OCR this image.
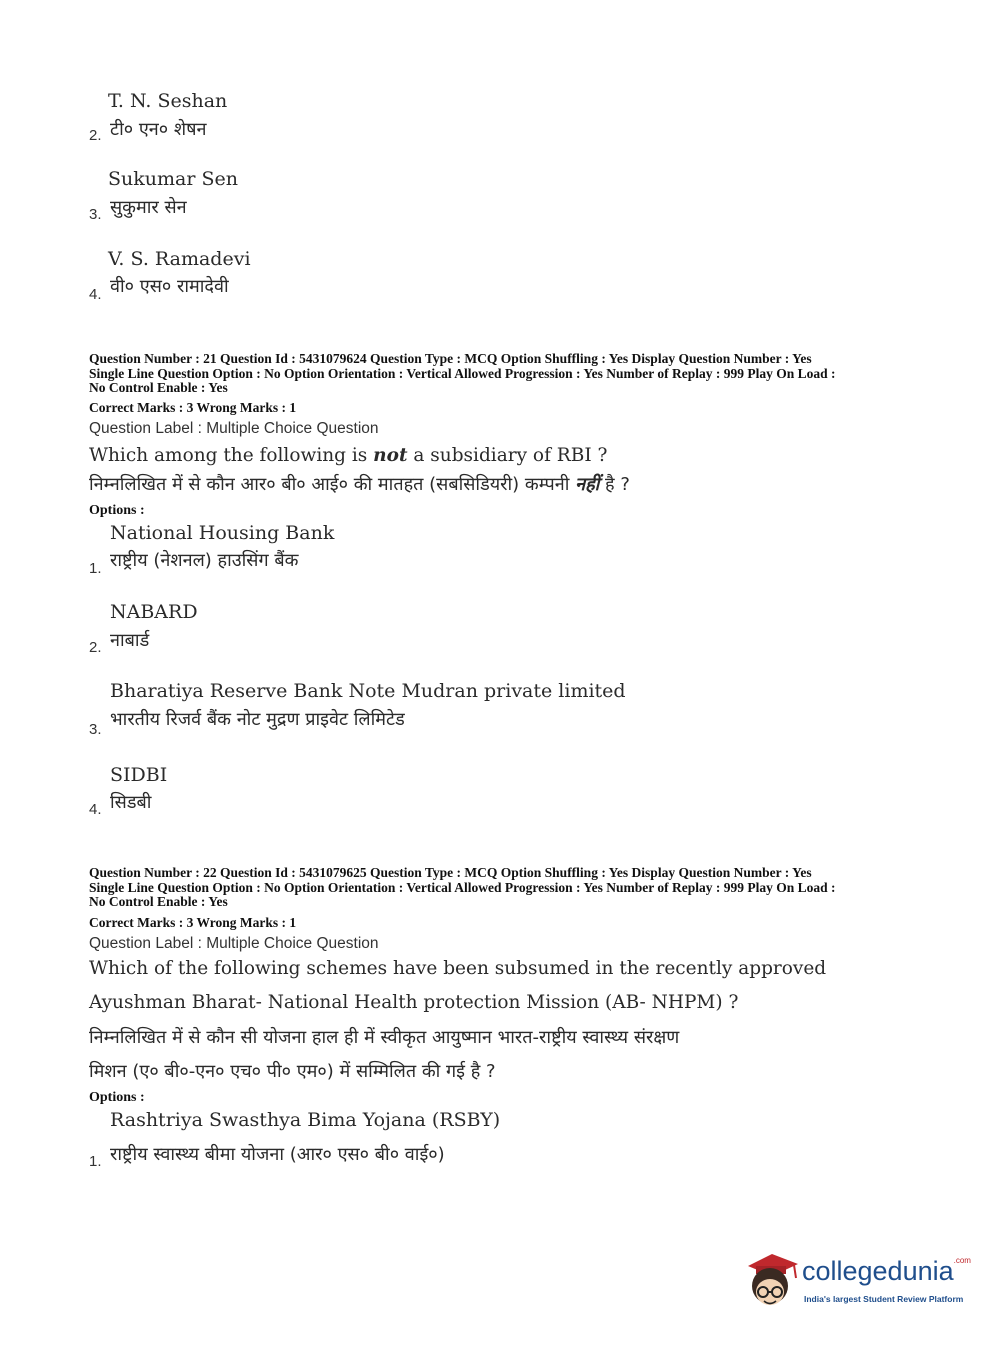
T. N. Seshan
2. टी० एन० शेषन
Sukumar Sen
3. सुकुमार सेन
V. S. Ramadevi
4. वी० एस० रामादेवी
Question Number : 21 Question Id : 5431079624 Question Type : MCQ Option Shuffling : Yes Display Question Number : Yes
Single Line Question Option : No Option Orientation : Vertical Allowed Progression : Yes Number of Replay : 999 Play On Load :
No Control Enable : Yes
Correct Marks : 3 Wrong Marks : 1
Question Label : Multiple Choice Question
Which among the following is not a subsidiary of RBI ?
निम्नलिखित में से कौन आर० बी० आई० की मातहत (सबसिडियरी) कम्पनी नहीं है ?
Options :
National Housing Bank
1. राष्ट्रीय (नेशनल) हाउसिंग बैंक
NABARD
2. नाबार्ड
Bharatiya Reserve Bank Note Mudran private limited
3. भारतीय रिजर्व बैंक नोट मुद्रण प्राइवेट लिमिटेड
SIDBI
4. सिडबी
Question Number : 22 Question Id : 5431079625 Question Type : MCQ Option Shuffling : Yes Display Question Number : Yes
Single Line Question Option : No Option Orientation : Vertical Allowed Progression : Yes Number of Replay : 999 Play On Load :
No Control Enable : Yes
Correct Marks : 3 Wrong Marks : 1
Question Label : Multiple Choice Question
Which of the following schemes have been subsumed in the recently approved
Ayushman Bharat- National Health protection Mission (AB- NHPM) ?
निम्नलिखित में से कौन सी योजना हाल ही में स्वीकृत आयुष्मान भारत-राष्ट्रीय स्वास्थ्य संरक्षण
मिशन (ए० बी०-एन० एच० पी० एम०) में सम्मिलित की गई है ?
Options :
Rashtriya Swasthya Bima Yojana (RSBY)
1. राष्ट्रीय स्वास्थ्य बीमा योजना (आर० एस० बी० वाई०)
collegedunia$^{.com}$
India's largest Student Review Platform
